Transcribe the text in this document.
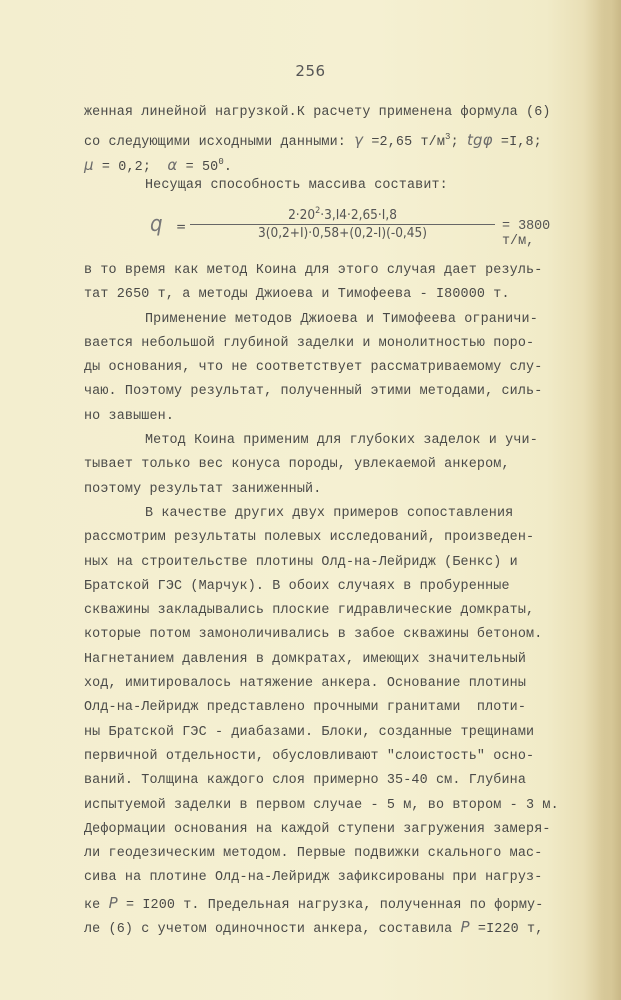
256
женная линейной нагрузкой.К расчету применена формула (6)
со следующими исходными данными: γ =2,65 $т/м^3$; tgφ =I,8;
μ = 0,2;  $\alpha = 50^0$.
Несущая способность массива составит:
$q = \frac{2\cdot 20^2\cdot 3,I4\cdot 2,65\cdot I,8}{3(0,2+I)\cdot 0,58+(0,2-I)(-0,45)} = 3800$ т/м,
в то время как метод Коина для этого случая дает резуль-
тат 2650 т, а методы Джиоева и Тимофеева - I80000 т.
Применение методов Джиоева и Тимофеева ограничи-
вается небольшой глубиной заделки и монолитностью поро-
ды основания, что не соответствует рассматриваемому слу-
чаю. Поэтому результат, полученный этими методами, силь-
но завышен.
Метод Коина применим для глубоких заделок и учи-
тывает только вес конуса породы, увлекаемой анкером,
поэтому результат заниженный.
В качестве других двух примеров сопоставления
рассмотрим результаты полевых исследований, произведен-
ных на строительстве плотины Олд-на-Лейридж (Бенкс) и
Братской ГЭС (Марчук). В обоих случаях в пробуренные
скважины закладывались плоские гидравлические домкраты,
которые потом замоноличивались в забое скважины бетоном.
Нагнетанием давления в домкратах, имеющих значительный
ход, имитировалось натяжение анкера. Основание плотины
Олд-на-Лейридж представлено прочными гранитами  плоти-
ны Братской ГЭС - диабазами. Блоки, созданные трещинами
первичной отдельности, обусловливают "слоистость" осно-
ваний. Толщина каждого слоя примерно 35-40 см. Глубина
испытуемой заделки в первом случае - 5 м, во втором - 3 м.
Деформации основания на каждой ступени загружения замеря-
ли геодезическим методом. Первые подвижки скального мас-
сива на плотине Олд-на-Лейридж зафиксированы при нагруз-
ке P = I200 т. Предельная нагрузка, полученная по форму-
ле (6) с учетом одиночности анкера, составила P =I220 т,
